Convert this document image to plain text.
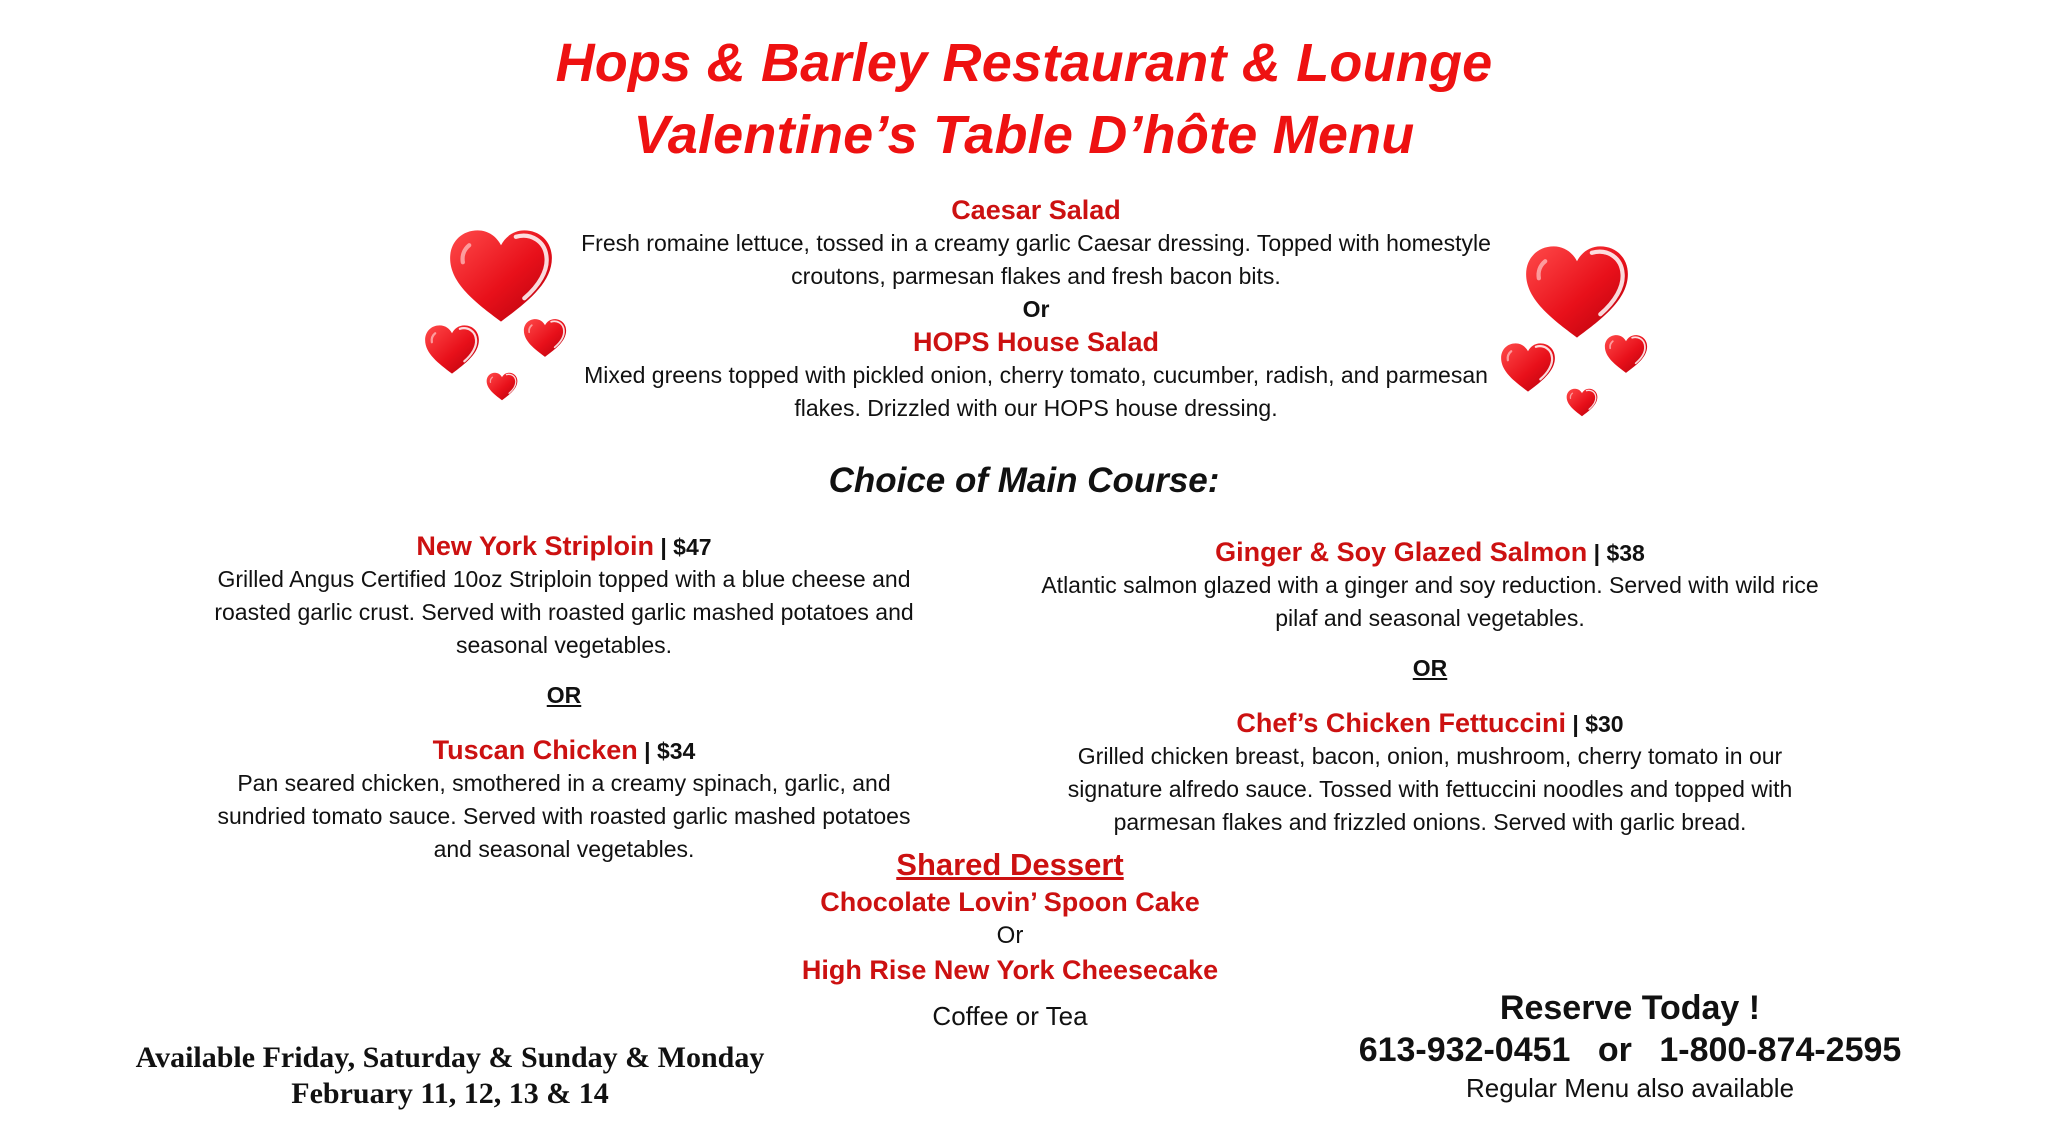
Hops & Barley Restaurant & Lounge
Valentine’s Table D’hôte Menu
Caesar Salad
Fresh romaine lettuce, tossed in a creamy garlic Caesar dressing. Topped with homestyle
croutons, parmesan flakes and fresh bacon bits.
Or
HOPS House Salad
Mixed greens topped with pickled onion, cherry tomato, cucumber, radish, and parmesan
flakes. Drizzled with our HOPS house dressing.
Choice of Main Course:
New York Striploin | $47
Grilled Angus Certified 10oz Striploin topped with a blue cheese and
roasted garlic crust. Served with roasted garlic mashed potatoes and
seasonal vegetables.
OR
Tuscan Chicken | $34
Pan seared chicken, smothered in a creamy spinach, garlic, and
sundried tomato sauce. Served with roasted garlic mashed potatoes
and seasonal vegetables.
Ginger & Soy Glazed Salmon | $38
Atlantic salmon glazed with a ginger and soy reduction. Served with wild rice
pilaf and seasonal vegetables.
OR
Chef’s Chicken Fettuccini | $30
Grilled chicken breast, bacon, onion, mushroom, cherry tomato in our
signature alfredo sauce. Tossed with fettuccini noodles and topped with
parmesan flakes and frizzled onions. Served with garlic bread.
Shared Dessert
Chocolate Lovin’ Spoon Cake
Or
High Rise New York Cheesecake
Coffee or Tea
Available Friday, Saturday & Sunday & Monday
February 11, 12, 13 & 14
Reserve Today !
613-932-0451 or 1-800-874-2595
Regular Menu also available
